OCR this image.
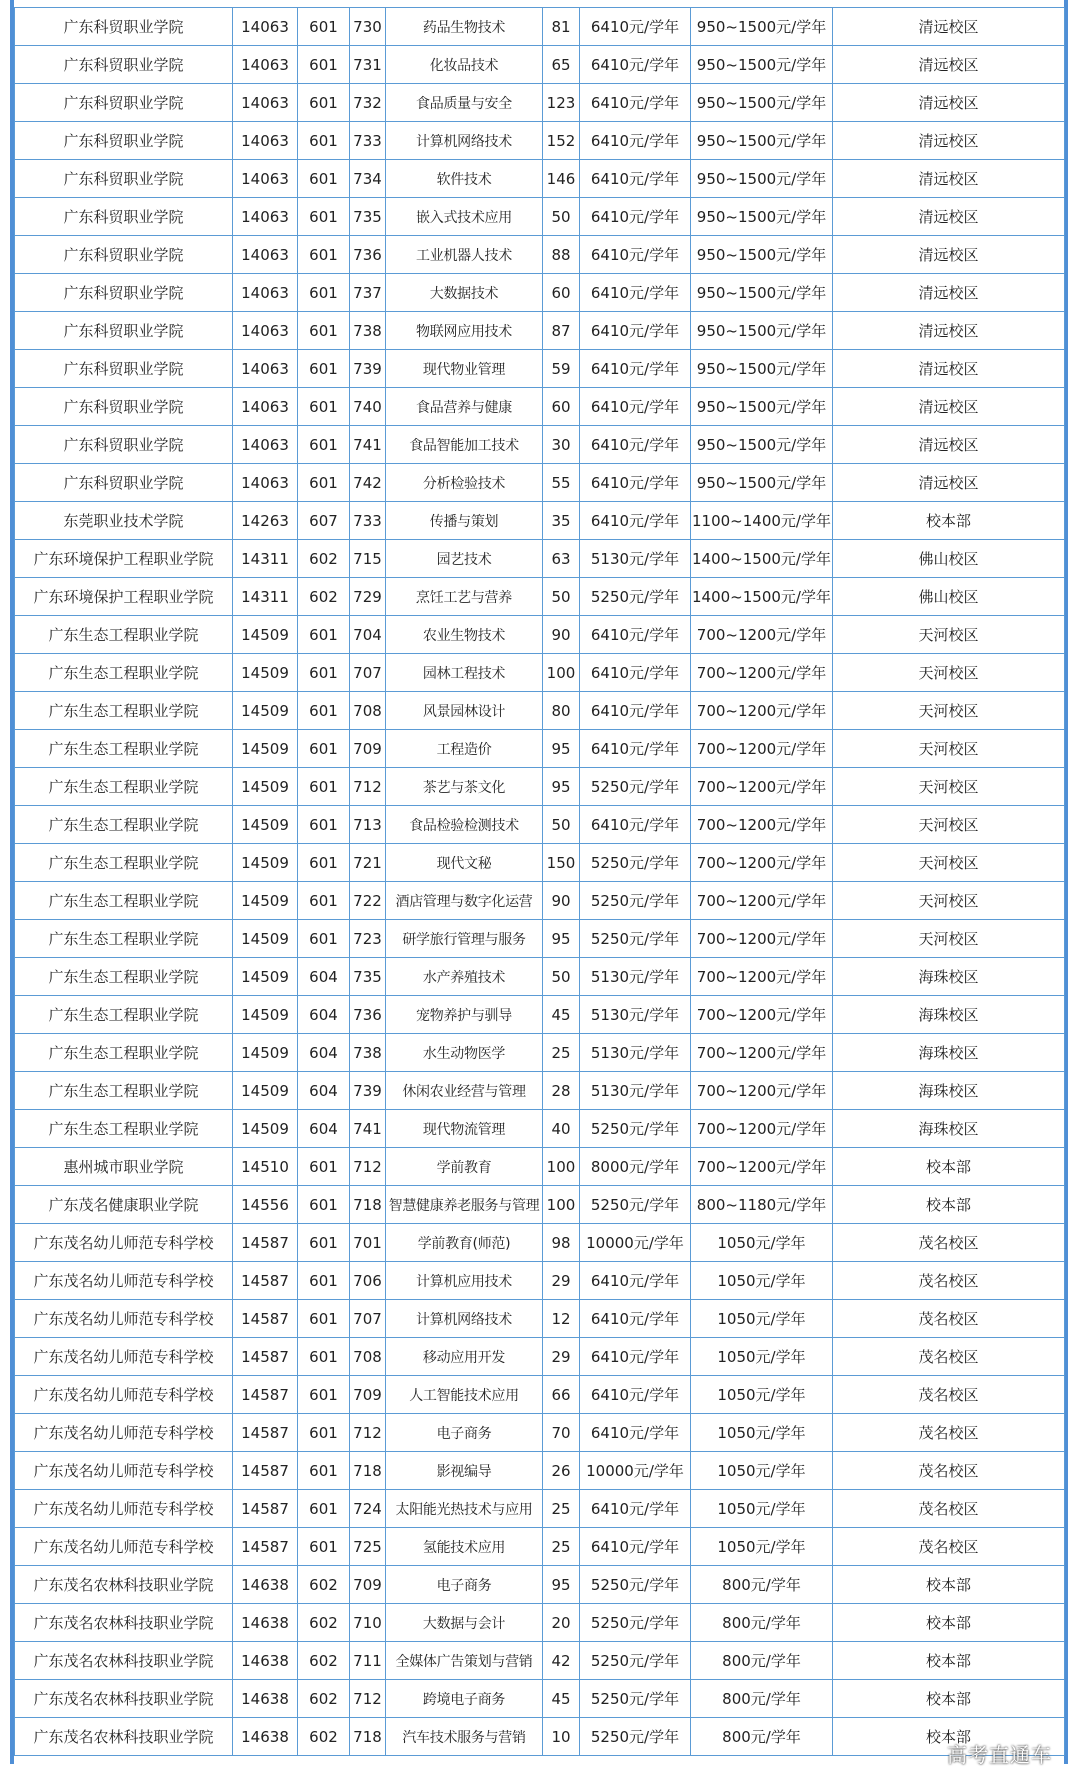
广东科贸职业学院	14063	601	730	药品生物技术	81	6410元/学年	950~1500元/学年	清远校区
广东科贸职业学院	14063	601	731	化妆品技术	65	6410元/学年	950~1500元/学年	清远校区
广东科贸职业学院	14063	601	732	食品质量与安全	123	6410元/学年	950~1500元/学年	清远校区
广东科贸职业学院	14063	601	733	计算机网络技术	152	6410元/学年	950~1500元/学年	清远校区
广东科贸职业学院	14063	601	734	软件技术	146	6410元/学年	950~1500元/学年	清远校区
广东科贸职业学院	14063	601	735	嵌入式技术应用	50	6410元/学年	950~1500元/学年	清远校区
广东科贸职业学院	14063	601	736	工业机器人技术	88	6410元/学年	950~1500元/学年	清远校区
广东科贸职业学院	14063	601	737	大数据技术	60	6410元/学年	950~1500元/学年	清远校区
广东科贸职业学院	14063	601	738	物联网应用技术	87	6410元/学年	950~1500元/学年	清远校区
广东科贸职业学院	14063	601	739	现代物业管理	59	6410元/学年	950~1500元/学年	清远校区
广东科贸职业学院	14063	601	740	食品营养与健康	60	6410元/学年	950~1500元/学年	清远校区
广东科贸职业学院	14063	601	741	食品智能加工技术	30	6410元/学年	950~1500元/学年	清远校区
广东科贸职业学院	14063	601	742	分析检验技术	55	6410元/学年	950~1500元/学年	清远校区
东莞职业技术学院	14263	607	733	传播与策划	35	6410元/学年	1100~1400元/学年	校本部
广东环境保护工程职业学院	14311	602	715	园艺技术	63	5130元/学年	1400~1500元/学年	佛山校区
广东环境保护工程职业学院	14311	602	729	烹饪工艺与营养	50	5250元/学年	1400~1500元/学年	佛山校区
广东生态工程职业学院	14509	601	704	农业生物技术	90	6410元/学年	700~1200元/学年	天河校区
广东生态工程职业学院	14509	601	707	园林工程技术	100	6410元/学年	700~1200元/学年	天河校区
广东生态工程职业学院	14509	601	708	风景园林设计	80	6410元/学年	700~1200元/学年	天河校区
广东生态工程职业学院	14509	601	709	工程造价	95	6410元/学年	700~1200元/学年	天河校区
广东生态工程职业学院	14509	601	712	茶艺与茶文化	95	5250元/学年	700~1200元/学年	天河校区
广东生态工程职业学院	14509	601	713	食品检验检测技术	50	6410元/学年	700~1200元/学年	天河校区
广东生态工程职业学院	14509	601	721	现代文秘	150	5250元/学年	700~1200元/学年	天河校区
广东生态工程职业学院	14509	601	722	酒店管理与数字化运营	90	5250元/学年	700~1200元/学年	天河校区
广东生态工程职业学院	14509	601	723	研学旅行管理与服务	95	5250元/学年	700~1200元/学年	天河校区
广东生态工程职业学院	14509	604	735	水产养殖技术	50	5130元/学年	700~1200元/学年	海珠校区
广东生态工程职业学院	14509	604	736	宠物养护与驯导	45	5130元/学年	700~1200元/学年	海珠校区
广东生态工程职业学院	14509	604	738	水生动物医学	25	5130元/学年	700~1200元/学年	海珠校区
广东生态工程职业学院	14509	604	739	休闲农业经营与管理	28	5130元/学年	700~1200元/学年	海珠校区
广东生态工程职业学院	14509	604	741	现代物流管理	40	5250元/学年	700~1200元/学年	海珠校区
惠州城市职业学院	14510	601	712	学前教育	100	8000元/学年	700~1200元/学年	校本部
广东茂名健康职业学院	14556	601	718	智慧健康养老服务与管理	100	5250元/学年	800~1180元/学年	校本部
广东茂名幼儿师范专科学校	14587	601	701	学前教育(师范)	98	10000元/学年	1050元/学年	茂名校区
广东茂名幼儿师范专科学校	14587	601	706	计算机应用技术	29	6410元/学年	1050元/学年	茂名校区
广东茂名幼儿师范专科学校	14587	601	707	计算机网络技术	12	6410元/学年	1050元/学年	茂名校区
广东茂名幼儿师范专科学校	14587	601	708	移动应用开发	29	6410元/学年	1050元/学年	茂名校区
广东茂名幼儿师范专科学校	14587	601	709	人工智能技术应用	66	6410元/学年	1050元/学年	茂名校区
广东茂名幼儿师范专科学校	14587	601	712	电子商务	70	6410元/学年	1050元/学年	茂名校区
广东茂名幼儿师范专科学校	14587	601	718	影视编导	26	10000元/学年	1050元/学年	茂名校区
广东茂名幼儿师范专科学校	14587	601	724	太阳能光热技术与应用	25	6410元/学年	1050元/学年	茂名校区
广东茂名幼儿师范专科学校	14587	601	725	氢能技术应用	25	6410元/学年	1050元/学年	茂名校区
广东茂名农林科技职业学院	14638	602	709	电子商务	95	5250元/学年	800元/学年	校本部
广东茂名农林科技职业学院	14638	602	710	大数据与会计	20	5250元/学年	800元/学年	校本部
广东茂名农林科技职业学院	14638	602	711	全媒体广告策划与营销	42	5250元/学年	800元/学年	校本部
广东茂名农林科技职业学院	14638	602	712	跨境电子商务	45	5250元/学年	800元/学年	校本部
广东茂名农林科技职业学院	14638	602	718	汽车技术服务与营销	10	5250元/学年	800元/学年	校本部
高考直通车
